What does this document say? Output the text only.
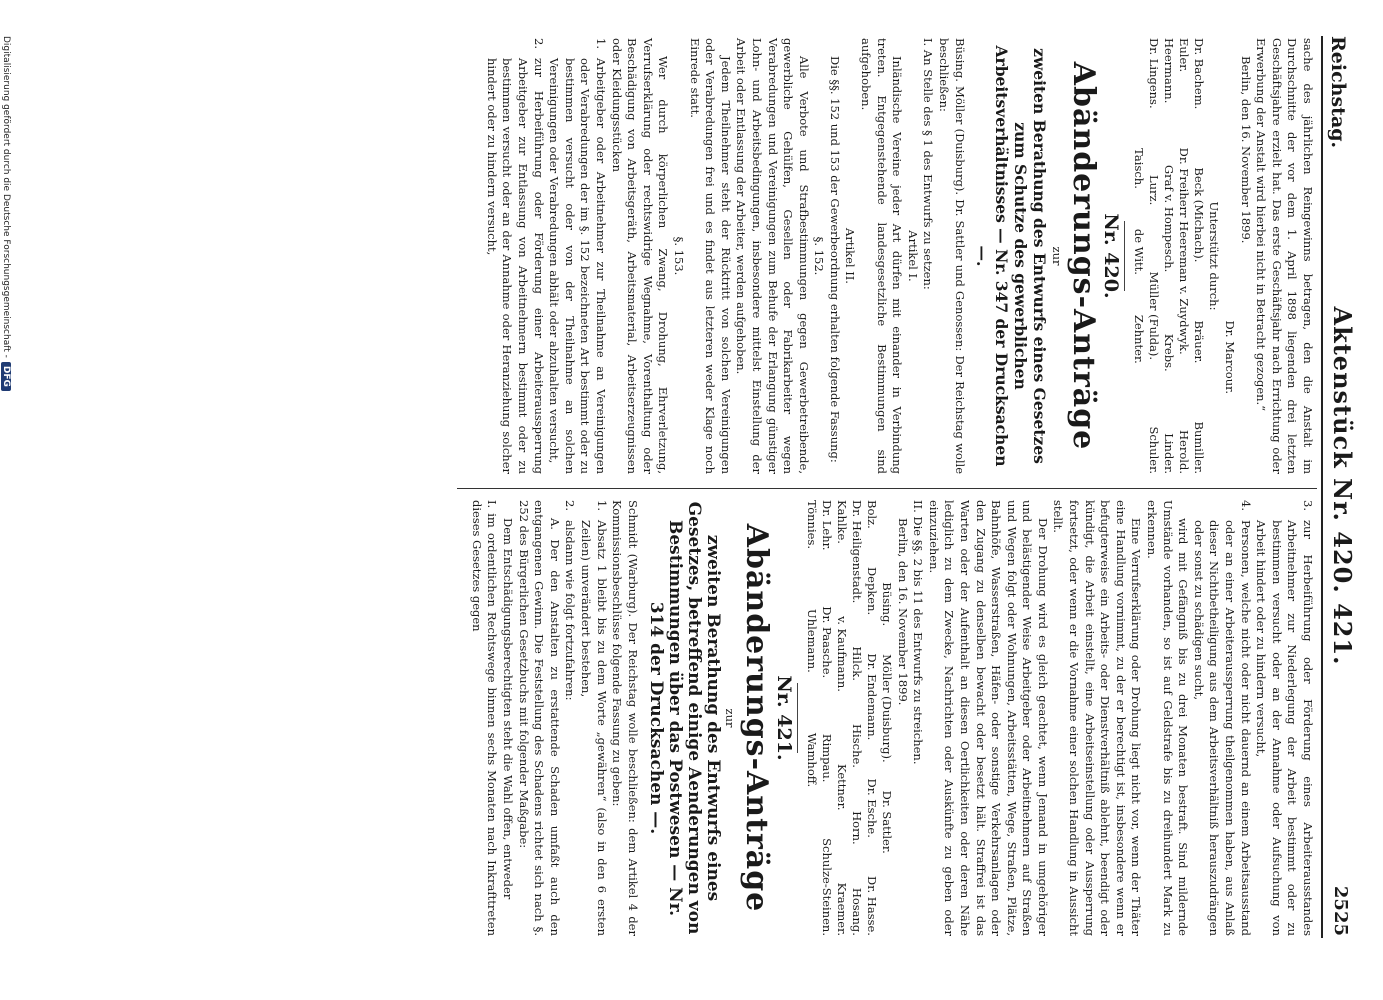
Reichstag.
Aktenstück Nr. 420. 421.
2525

sache des jährlichen Reingewinns betragen, den die Anstalt im Durchschnitte der vor dem 1. April 1898 liegenden drei letzten Geschäftsjahre erzielt hat. Das erste Geschäftsjahr nach Errichtung oder Erwerbung der Anstalt wird hierbei nicht in Betracht gezogen.“

Berlin, den 16. November 1899.

Dr. Marcour.

Unterstützt durch:

Dr. Bachem.
Beck (Michach).
Bräuer.
Bumiller.
Euler.
Dr. Freiherr Heereman v. Zuydwyk.
Herold.
Heermann.
Graf v. Hompesch.
Krebs.
Linder.
Dr. Lingens.
Lurz.
Müller (Fulda).
Schuler.
Taisch.
de Witt.
Zehnter.

Nr. 420.

Abänderungs-Anträge

zur

zweiten Berathung des Entwurfs eines Gesetzes zum Schutze des gewerblichen Arbeitsverhältnisses — Nr. 347 der Drucksachen —.

Büsing. Möller (Duisburg). Dr. Sattler und Genossen: Der Reichstag wolle beschließen:

I. An Stelle des § 1 des Entwurfs zu setzen:

Artikel I.

Inländische Vereine jeder Art dürfen mit einander in Verbindung treten. Entgegenstehende landesgesetzliche Bestimmungen sind aufgehoben.

Artikel II.

Die §§. 152 und 153 der Gewerbeordnung erhalten folgende Fassung:

§. 152.

Alle Verbote und Strafbestimmungen gegen Gewerbetreibende, gewerbliche Gehülfen, Gesellen oder Fabrikarbeiter wegen Verabredungen und Vereinigungen zum Behufe der Erlangung günstiger Lohn- und Arbeitsbedingungen, insbesondere mittelst Einstellung der Arbeit oder Entlassung der Arbeiter, werden aufgehoben.

Jedem Theilnehmer steht der Rücktritt von solchen Vereinigungen oder Verabredungen frei und es findet aus letzteren weder Klage noch Einrede statt.

§. 153.

Wer durch körperlichen Zwang, Drohung, Ehrverletzung, Verrufserklärung oder rechtswidrige Wegnahme, Vorenthaltung oder Beschädigung von Arbeitsgeräth, Arbeitsmaterial, Arbeitserzeugnissen oder Kleidungsstücken

1.
Arbeitgeber oder Arbeitnehmer zur Theilnahme an Vereinigungen oder Verabredungen der im §. 152 bezeichneten Art bestimmt oder zu bestimmen versucht oder von der Theilnahme an solchen Vereinigungen oder Verabredungen abhält oder abzuhalten versucht,
2.
zur Herbeiführung oder Förderung einer Arbeiteraussperrung Arbeitgeber zur Entlassung von Arbeitnehmern bestimmt oder zu bestimmen versucht oder an der Annahme oder Heranziehung solcher hindert oder zu hindern versucht,
3.
zur Herbeiführung oder Förderung eines Arbeiterausstandes Arbeitnehmer zur Niederlegung der Arbeit bestimmt oder zu bestimmen versucht oder an der Annahme oder Aufsuchung von Arbeit hindert oder zu hindern versucht,
4.
Personen, welche nicht oder nicht dauernd an einem Arbeitsausstand oder an einer Arbeiteraussperrung theilgenommen haben, aus Anlaß dieser Nichtbetheiligung aus dem Arbeitsverhältniß herauszudrängen oder sonst zu schädigen sucht,

wird mit Gefängniß bis zu drei Monaten bestraft. Sind mildernde Umstände vorhanden, so ist auf Geldstrafe bis zu dreihundert Mark zu erkennen.

Eine Verrufserklärung oder Drohung liegt nicht vor, wenn der Thäter eine Handlung vornimmt, zu der er berechtigt ist, insbesondere wenn er befugterweise ein Arbeits- oder Dienstverhältniß ablehnt, beendigt oder kündigt, die Arbeit einstellt, eine Arbeitseinstellung oder Aussperrung fortsetzt, oder wenn er die Vornahme einer solchen Handlung in Aussicht stellt.

Der Drohung wird es gleich geachtet, wenn Jemand in umgehöriger und belästigender Weise Arbeitgeber oder Arbeitnehmern auf Straßen und Wegen folgt oder Wohnungen, Arbeitsstätten, Wege, Straßen, Plätze, Bahnhöfe, Wasserstraßen, Häfen- oder sonstige Verkehrsanlagen oder den Zugang zu denselben bewacht oder besetzt hält. Straffrei ist das Warten oder der Aufenthalt an diesen Oertlichkeiten oder deren Nähe lediglich zu dem Zwecke, Nachrichten oder Auskünfte zu geben oder einzuziehen.

II. Die §§. 2 bis 11 des Entwurfs zu streichen.

Berlin, den 16. November 1899.

Büsing.
Möller (Duisburg).
Dr. Sattler.
Bolz.
Depken.
Dr. Endemann.
Dr. Esche.
Dr. Hasse.
Dr. Heiligenstadt.
Hilck.
Hische.
Horn.
Hosang.
Kahlke.
v. Kaufmann.
Kettner.
Kraemer.
Dr. Lehr.
Dr. Paasche.
Rimpau.
Schulze-Steinen.
Tönnies.
Uhlemann.
Wamhoff.

Nr. 421.

Abänderungs-Anträge

zur

zweiten Berathung des Entwurfs eines Gesetzes, betreffend einige Aenderungen von Bestimmungen über das Postwesen — Nr. 314 der Drucksachen —.

Schmidt (Warburg). Der Reichstag wolle beschließen: dem Artikel 4 der Kommissionsbeschlüsse folgende Fassung zu geben:

1.
Absatz 1 bleibt bis zu dem Worte „gewähren“ (also in den 6 ersten Zeilen) unverändert bestehen,
2.
alsdann wie folgt fortzufahren:

A. Der den Anstalten zu erstattende Schaden umfaßt auch den entgangenen Gewinn. Die Feststellung des Schadens richtet sich nach §. 252 des Bürgerlichen Gesetzbuchs mit folgender Maßgabe:

Dem Entschädigungsberechtigten steht die Wahl offen, entweder

I. im ordentlichen Rechtswege binnen sechs Monaten nach Inkrafttreten dieses Gesetzes gegen

Digitalisierung gefördert durch die Deutsche Forschungsgemeinschaft -DFG
